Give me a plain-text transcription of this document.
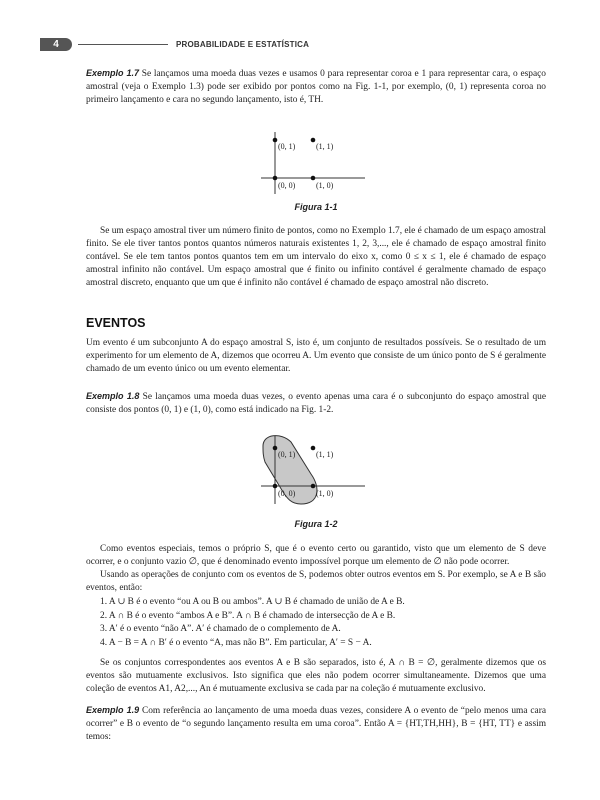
4	PROBABILIDADE E ESTATÍSTICA

Exemplo 1.7 Se lançamos uma moeda duas vezes e usamos 0 para representar coroa e 1 para representar cara, o espaço amostral (veja o Exemplo 1.3) pode ser exibido por pontos como na Fig. 1-1, por exemplo, (0, 1) representa coroa no primeiro lançamento e cara no segundo lançamento, isto é, TH.

(0, 1)	(1, 1)
(0, 0)	(1, 0)
Figura 1-1

Se um espaço amostral tiver um número finito de pontos, como no Exemplo 1.7, ele é chamado de um espaço amostral finito. Se ele tiver tantos pontos quantos números naturais existentes 1, 2, 3,..., ele é chamado de espaço amostral finito contável. Se ele tem tantos pontos quantos tem em um intervalo do eixo x, como 0 ≤ x ≤ 1, ele é chamado de espaço amostral infinito não contável. Um espaço amostral que é finito ou infinito contável é geralmente chamado de espaço amostral discreto, enquanto que um que é infinito não contável é chamado de espaço amostral não discreto.

EVENTOS

Um evento é um subconjunto A do espaço amostral S, isto é, um conjunto de resultados possíveis. Se o resultado de um experimento for um elemento de A, dizemos que ocorreu A. Um evento que consiste de um único ponto de S é geralmente chamado de um evento único ou um evento elementar.

Exemplo 1.8 Se lançamos uma moeda duas vezes, o evento apenas uma cara é o subconjunto do espaço amostral que consiste dos pontos (0, 1) e (1, 0), como está indicado na Fig. 1-2.

(0, 1)	(1, 1)
(0, 0)	(1, 0)
Figura 1-2

Como eventos especiais, temos o próprio S, que é o evento certo ou garantido, visto que um elemento de S deve ocorrer, e o conjunto vazio ∅, que é denominado evento impossível porque um elemento de ∅ não pode ocorrer.

Usando as operações de conjunto com os eventos de S, podemos obter outros eventos em S. Por exemplo, se A e B são eventos, então:

1. A ∪ B é o evento “ou A ou B ou ambos”. A ∪ B é chamado de união de A e B.
2. A ∩ B é o evento “ambos A e B”. A ∩ B é chamado de intersecção de A e B.
3. A′ é o evento “não A”. A′ é chamado de o complemento de A.
4. A − B = A ∩ B′ é o evento “A, mas não B”. Em particular, A′ = S − A.

Se os conjuntos correspondentes aos eventos A e B são separados, isto é, A ∩ B = ∅, geralmente dizemos que os eventos são mutuamente exclusivos. Isto significa que eles não podem ocorrer simultaneamente. Dizemos que uma coleção de eventos A1, A2,..., An é mutuamente exclusiva se cada par na coleção é mutuamente exclusivo.

Exemplo 1.9 Com referência ao lançamento de uma moeda duas vezes, considere A o evento de “pelo menos uma cara ocorrer” e B o evento de “o segundo lançamento resulta em uma coroa”. Então A = {HT,TH,HH}, B = {HT, TT} e assim temos:
